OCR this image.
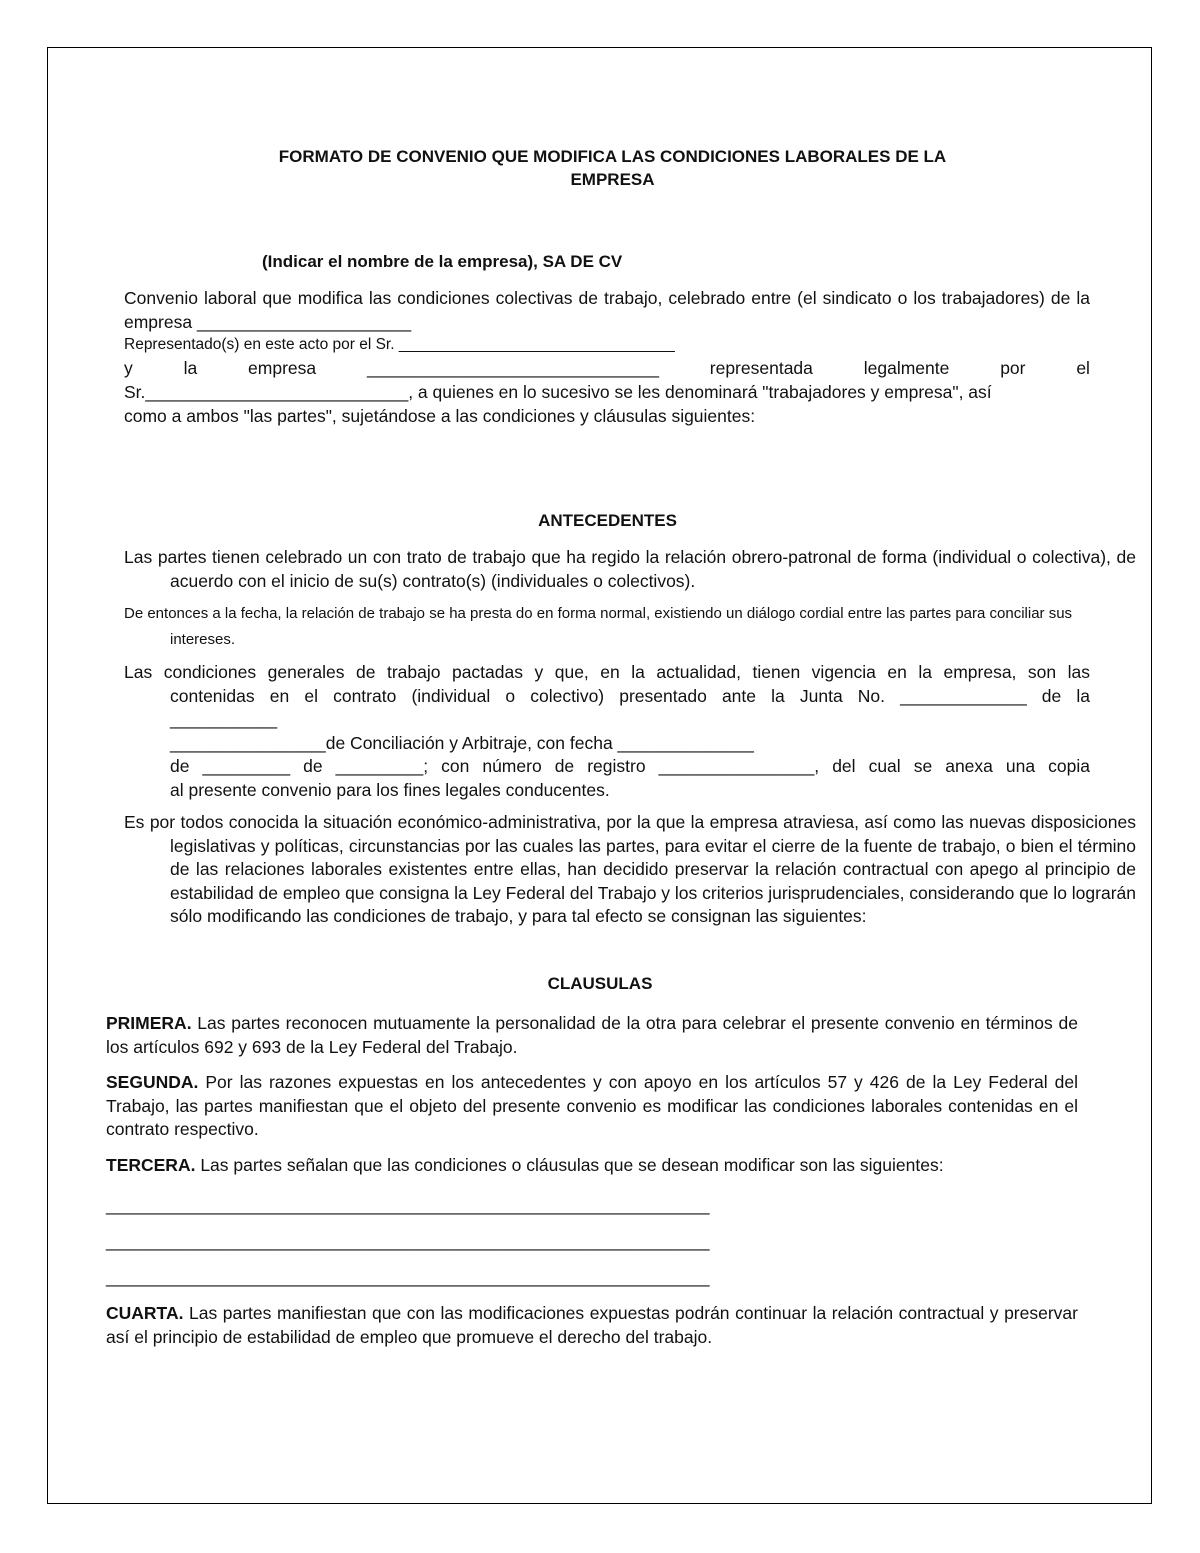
FORMATO DE CONVENIO QUE MODIFICA LAS CONDICIONES LABORALES DE LA
EMPRESA
(Indicar el nombre de la empresa), SA DE CV

Convenio laboral que modifica las condiciones colectivas de trabajo, celebrado entre (el sindicato o los trabajadores) de la empresa ______________________

Representado(s) en este acto por el Sr. ________________________________
y	la	empresa	______________________________	representada	legalmente	por	el
Sr.___________________________, a quienes en lo sucesivo se les denominará "trabajadores y empresa", así
como a ambos "las partes", sujetándose a las condiciones y cláusulas siguientes:
ANTECEDENTES

Las partes tienen celebrado un con trato de trabajo que ha regido la relación obrero-patronal de forma (individual o colectiva), de acuerdo con el inicio de su(s) contrato(s) (individuales o colectivos).

De entonces a la fecha, la relación de trabajo se ha presta do en forma normal, existiendo un diálogo cordial entre las partes para conciliar sus intereses.

Las condiciones generales de trabajo pactadas y que, en la actualidad, tienen vigencia en la empresa, son las
contenidas en el contrato (individual o colectivo) presentado ante la Junta No. _____________ de la
___________
________________de Conciliación y Arbitraje, con fecha ______________
de _________ de _________; con número de registro ________________, del cual se anexa una copia
al presente convenio para los fines legales conducentes.

Es por todos conocida la situación económico-administrativa, por la que la empresa atraviesa, así como las nuevas disposiciones legislativas y políticas, circunstancias por las cuales las partes, para evitar el cierre de la fuente de trabajo, o bien el término de las relaciones laborales existentes entre ellas, han decidido preservar la relación contractual con apego al principio de estabilidad de empleo que consigna la Ley Federal del Trabajo y los criterios jurisprudenciales, considerando que lo lograrán sólo modificando las condiciones de trabajo, y para tal efecto se consignan las siguientes:

CLAUSULAS

PRIMERA. Las partes reconocen mutuamente la personalidad de la otra para celebrar el presente convenio en términos de los artículos 692 y 693 de la Ley Federal del Trabajo.

SEGUNDA. Por las razones expuestas en los antecedentes y con apoyo en los artículos 57 y 426 de la Ley Federal del Trabajo, las partes manifiestan que el objeto del presente convenio es modificar las condiciones laborales contenidas en el contrato respectivo.

TERCERA. Las partes señalan que las condiciones o cláusulas que se desean modificar son las siguientes:

______________________________________________________________
______________________________________________________________
______________________________________________________________

CUARTA. Las partes manifiestan que con las modificaciones expuestas podrán continuar la relación contractual y preservar así el principio de estabilidad de empleo que promueve el derecho del trabajo.
